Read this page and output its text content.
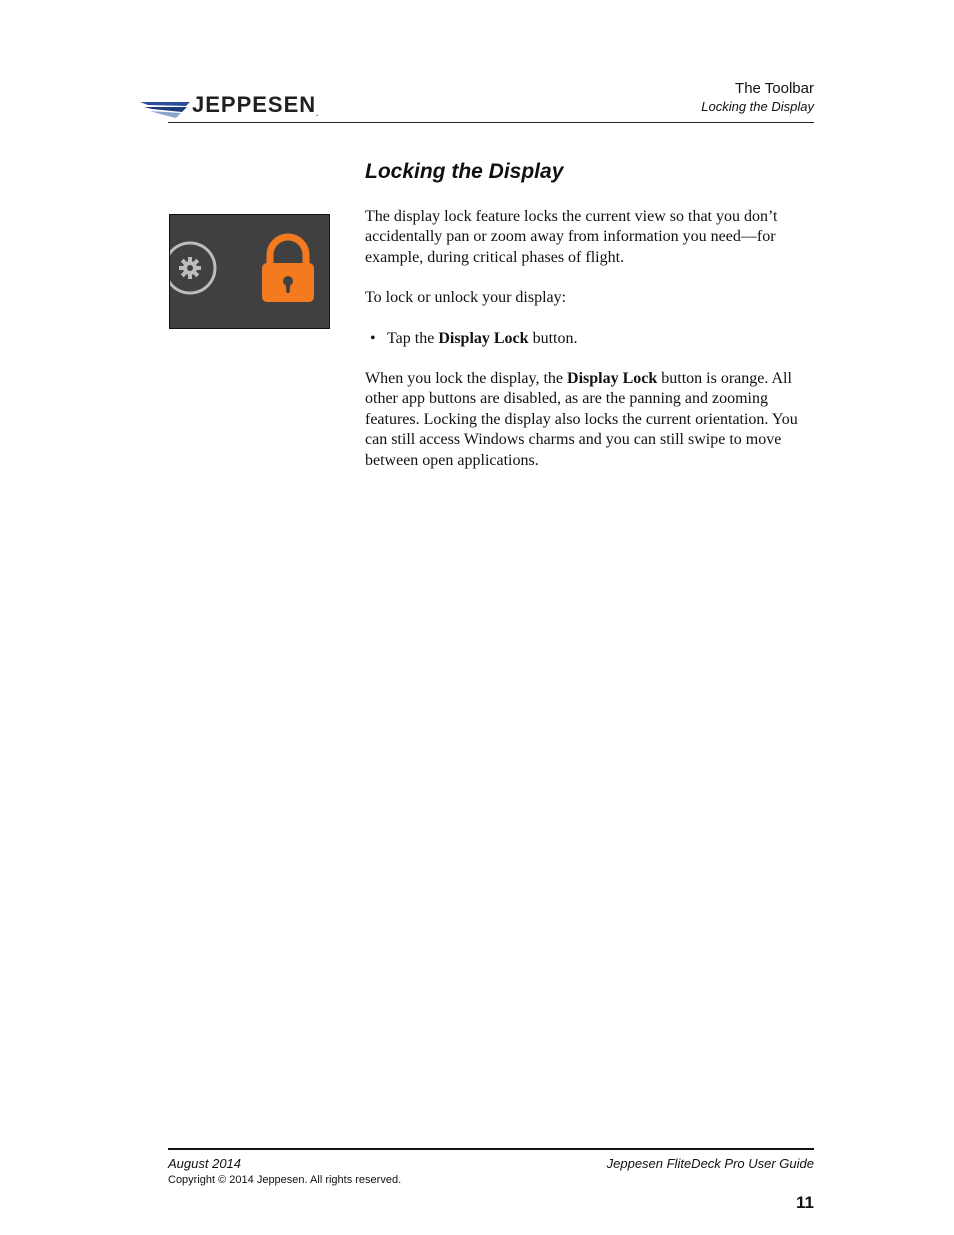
JEPPESEN.
The Toolbar
Locking the Display
Locking the Display

The display lock feature locks the current view so that you don’t accidentally pan or zoom away from information you need—for example, during critical phases of flight.

To lock or unlock your display:

• Tap the Display Lock button.

When you lock the display, the Display Lock button is orange. All other app buttons are disabled, as are the panning and zooming features. Locking the display also locks the current orientation. You can still access Windows charms and you can still swipe to move between open applications.

August 2014	Jeppesen FliteDeck Pro User Guide
Copyright © 2014 Jeppesen. All rights reserved.
11
